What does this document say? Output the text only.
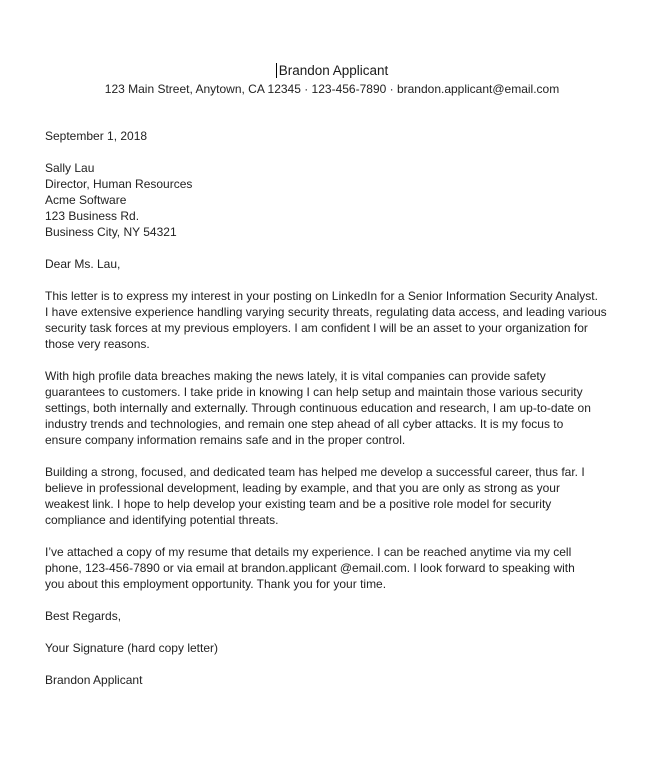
Brandon Applicant
123 Main Street, Anytown, CA 12345 · 123-456-7890 · brandon.applicant@email.com
September 1, 2018
Sally Lau
Director, Human Resources
Acme Software
123 Business Rd.
Business City, NY 54321
Dear Ms. Lau,
This letter is to express my interest in your posting on LinkedIn for a Senior Information Security Analyst.
I have extensive experience handling varying security threats, regulating data access, and leading various
security task forces at my previous employers. I am confident I will be an asset to your organization for
those very reasons.
With high profile data breaches making the news lately, it is vital companies can provide safety
guarantees to customers. I take pride in knowing I can help setup and maintain those various security
settings, both internally and externally. Through continuous education and research, I am up-to-date on
industry trends and technologies, and remain one step ahead of all cyber attacks. It is my focus to
ensure company information remains safe and in the proper control.
Building a strong, focused, and dedicated team has helped me develop a successful career, thus far. I
believe in professional development, leading by example, and that you are only as strong as your
weakest link. I hope to help develop your existing team and be a positive role model for security
compliance and identifying potential threats.
I’ve attached a copy of my resume that details my experience. I can be reached anytime via my cell
phone, 123-456-7890 or via email at brandon.applicant @email.com. I look forward to speaking with
you about this employment opportunity. Thank you for your time.
Best Regards,
Your Signature (hard copy letter)
Brandon Applicant
